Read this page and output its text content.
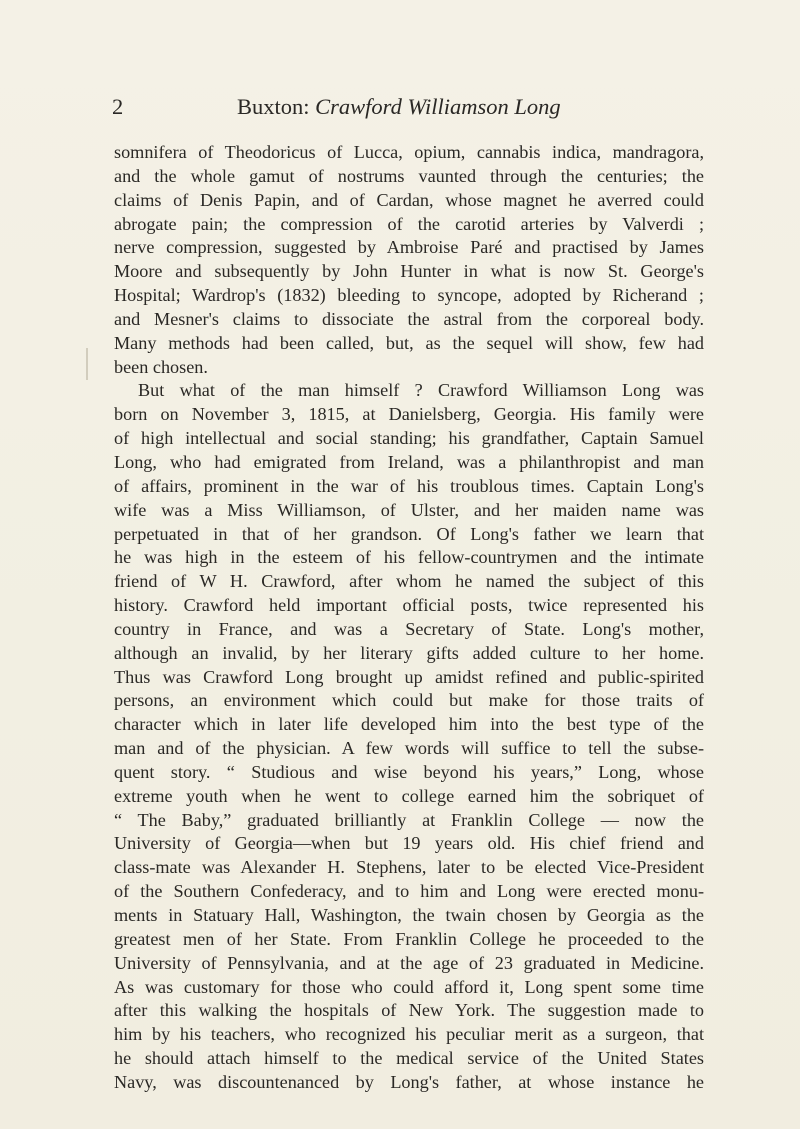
2	Buxton: Crawford Williamson Long
somnifera of Theodoricus of Lucca, opium, cannabis indica, mandragora,
and the whole gamut of nostrums vaunted through the centuries; the
claims of Denis Papin, and of Cardan, whose magnet he averred could
abrogate pain; the compression of the carotid arteries by Valverdi ;
nerve compression, suggested by Ambroise Paré and practised by James
Moore and subsequently by John Hunter in what is now St. George's
Hospital; Wardrop's (1832) bleeding to syncope, adopted by Richerand ;
and Mesner's claims to dissociate the astral from the corporeal body.
Many methods had been called, but, as the sequel will show, few had
been chosen.
But what of the man himself ? Crawford Williamson Long was
born on November 3, 1815, at Danielsberg, Georgia. His family were
of high intellectual and social standing; his grandfather, Captain Samuel
Long, who had emigrated from Ireland, was a philanthropist and man
of affairs, prominent in the war of his troublous times. Captain Long's
wife was a Miss Williamson, of Ulster, and her maiden name was
perpetuated in that of her grandson. Of Long's father we learn that
he was high in the esteem of his fellow-countrymen and the intimate
friend of W H. Crawford, after whom he named the subject of this
history. Crawford held important official posts, twice represented his
country in France, and was a Secretary of State. Long's mother,
although an invalid, by her literary gifts added culture to her home.
Thus was Crawford Long brought up amidst refined and public-spirited
persons, an environment which could but make for those traits of
character which in later life developed him into the best type of the
man and of the physician. A few words will suffice to tell the subse-
quent story. “ Studious and wise beyond his years,” Long, whose
extreme youth when he went to college earned him the sobriquet of
“ The Baby,” graduated brilliantly at Franklin College — now the
University of Georgia—when but 19 years old. His chief friend and
class-mate was Alexander H. Stephens, later to be elected Vice-President
of the Southern Confederacy, and to him and Long were erected monu-
ments in Statuary Hall, Washington, the twain chosen by Georgia as the
greatest men of her State. From Franklin College he proceeded to the
University of Pennsylvania, and at the age of 23 graduated in Medicine.
As was customary for those who could afford it, Long spent some time
after this walking the hospitals of New York. The suggestion made to
him by his teachers, who recognized his peculiar merit as a surgeon, that
he should attach himself to the medical service of the United States
Navy, was discountenanced by Long's father, at whose instance he
